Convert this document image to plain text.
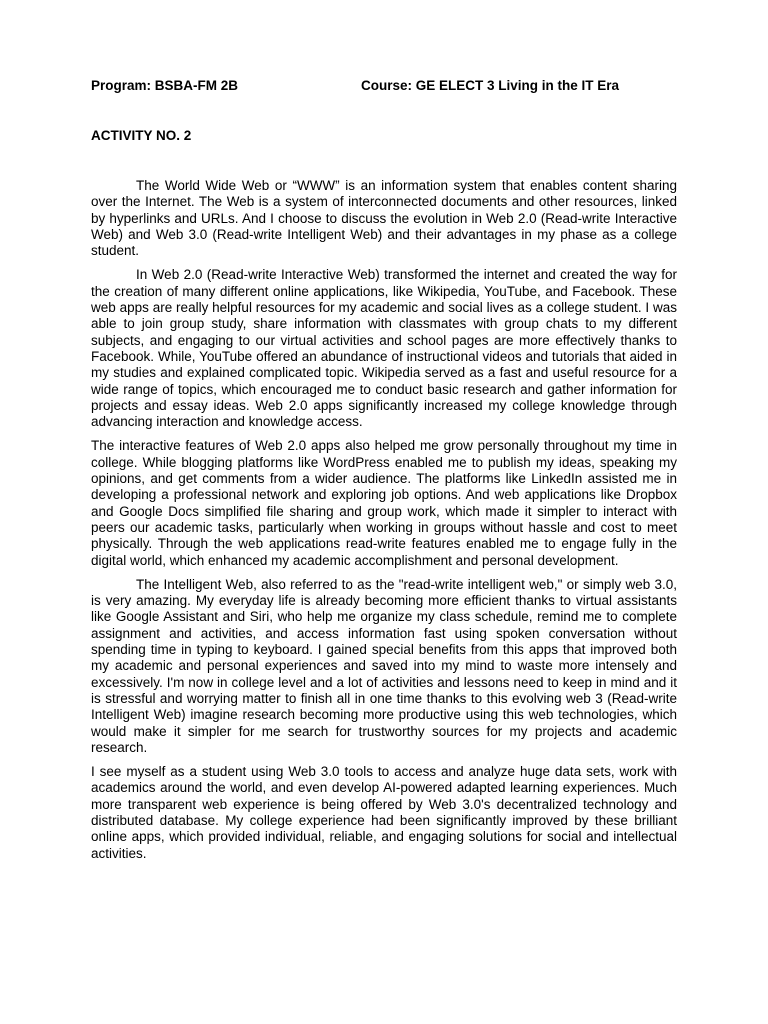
Program: BSBA-FM 2B	Course: GE ELECT 3 Living in the IT Era
ACTIVITY NO. 2

The World Wide Web or “WWW” is an information system that enables content sharing over the Internet. The Web is a system of interconnected documents and other resources, linked by hyperlinks and URLs. And I choose to discuss the evolution in Web 2.0 (Read-write Interactive Web) and Web 3.0 (Read-write Intelligent Web) and their advantages in my phase as a college student.

In Web 2.0 (Read-write Interactive Web) transformed the internet and created the way for the creation of many different online applications, like Wikipedia, YouTube, and Facebook. These web apps are really helpful resources for my academic and social lives as a college student. I was able to join group study, share information with classmates with group chats to my different subjects, and engaging to our virtual activities and school pages are more effectively thanks to Facebook. While, YouTube offered an abundance of instructional videos and tutorials that aided in my studies and explained complicated topic. Wikipedia served as a fast and useful resource for a wide range of topics, which encouraged me to conduct basic research and gather information for projects and essay ideas. Web 2.0 apps significantly increased my college knowledge through advancing interaction and knowledge access.

The interactive features of Web 2.0 apps also helped me grow personally throughout my time in college. While blogging platforms like WordPress enabled me to publish my ideas, speaking my opinions, and get comments from a wider audience. The platforms like LinkedIn assisted me in developing a professional network and exploring job options. And web applications like Dropbox and Google Docs simplified file sharing and group work, which made it simpler to interact with peers our academic tasks, particularly when working in groups without hassle and cost to meet physically. Through the web applications read-write features enabled me to engage fully in the digital world, which enhanced my academic accomplishment and personal development.

The Intelligent Web, also referred to as the "read-write intelligent web," or simply web 3.0, is very amazing. My everyday life is already becoming more efficient thanks to virtual assistants like Google Assistant and Siri, who help me organize my class schedule, remind me to complete assignment and activities, and access information fast using spoken conversation without spending time in typing to keyboard. I gained special benefits from this apps that improved both my academic and personal experiences and saved into my mind to waste more intensely and excessively. I'm now in college level and a lot of activities and lessons need to keep in mind and it is stressful and worrying matter to finish all in one time thanks to this evolving web 3 (Read-write Intelligent Web) imagine research becoming more productive using this web technologies, which would make it simpler for me search for trustworthy sources for my projects and academic research.

I see myself as a student using Web 3.0 tools to access and analyze huge data sets, work with academics around the world, and even develop AI-powered adapted learning experiences. Much more transparent web experience is being offered by Web 3.0's decentralized technology and distributed database. My college experience had been significantly improved by these brilliant online apps, which provided individual, reliable, and engaging solutions for social and intellectual activities.
